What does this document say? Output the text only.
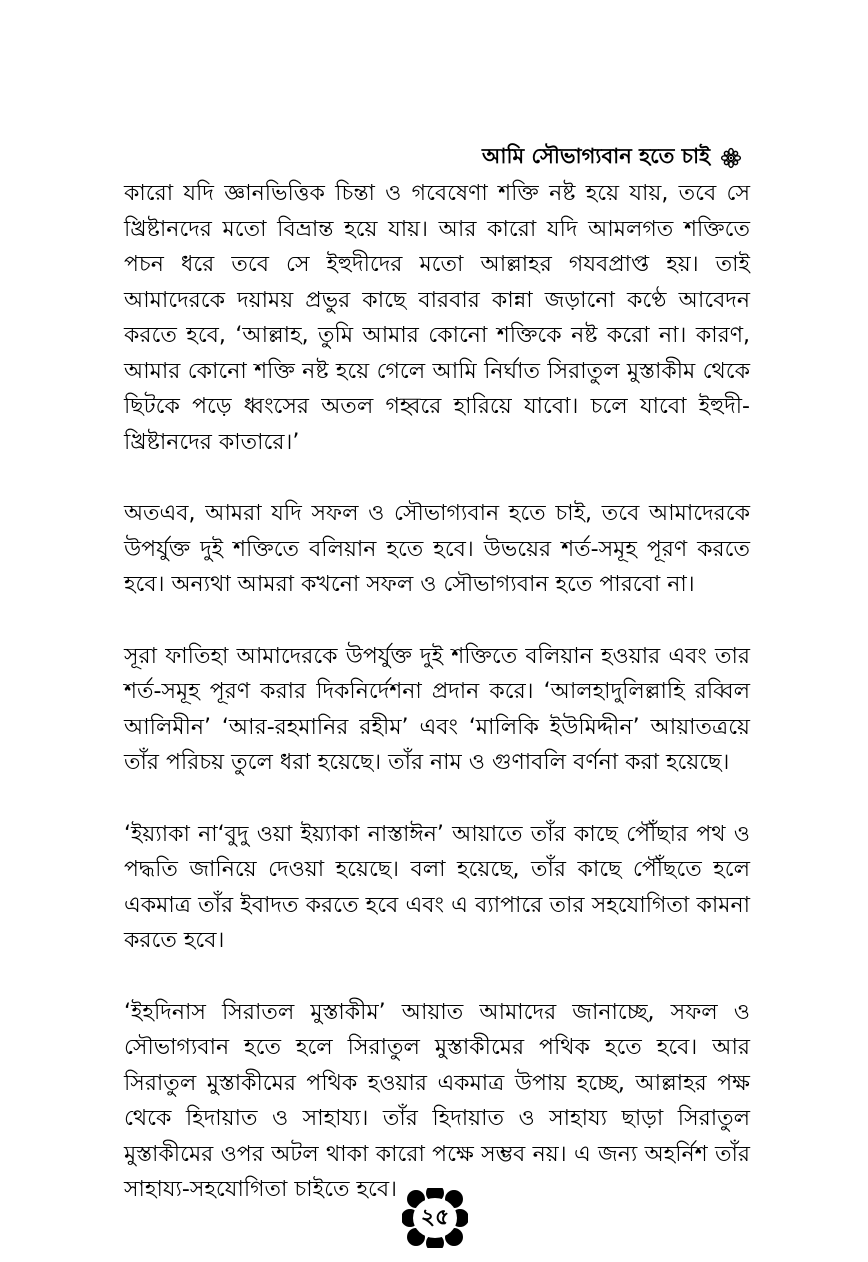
আমি সৌভাগ্যবান হতে চাই

কারো যদি জ্ঞানভিত্তিক চিন্তা ও গবেষেণা শক্তি নষ্ট হয়ে যায়, তবে সে খ্রিষ্টানদের মতো বিভ্রান্ত হয়ে যায়। আর কারো যদি আমলগত শক্তিতে পচন ধরে তবে সে ইহুদীদের মতো আল্লাহর গযবপ্রাপ্ত হয়। তাই আমাদেরকে দয়াময় প্রভুর কাছে বারবার কান্না জড়ানো কণ্ঠে আবেদন করতে হবে, ‘আল্লাহ, তুমি আমার কোনো শক্তিকে নষ্ট করো না। কারণ, আমার কোনো শক্তি নষ্ট হয়ে গেলে আমি নির্ঘাত সিরাতুল মুস্তাকীম থেকে ছিটকে পড়ে ধ্বংসের অতল গহ্বরে হারিয়ে যাবো। চলে যাবো ইহুদী-খ্রিষ্টানদের কাতারে।’

অতএব, আমরা যদি সফল ও সৌভাগ্যবান হতে চাই, তবে আমাদেরকে উপর্যুক্ত দুই শক্তিতে বলিয়ান হতে হবে। উভয়ের শর্ত-সমূহ পূরণ করতে হবে। অন্যথা আমরা কখনো সফল ও সৌভাগ্যবান হতে পারবো না।

সূরা ফাতিহা আমাদেরকে উপর্যুক্ত দুই শক্তিতে বলিয়ান হওয়ার এবং তার শর্ত-সমূহ পূরণ করার দিকনির্দেশনা প্রদান করে। ‘আলহাদুলিল্লাহি রব্বিল আলিমীন’ ‘আর-রহমানির রহীম’ এবং ‘মালিকি ইউমিদ্দীন’ আয়াতত্রয়ে তাঁর পরিচয় তুলে ধরা হয়েছে। তাঁর নাম ও গুণাবলি বর্ণনা করা হয়েছে।

‘ইয়্যাকা না‘বুদু ওয়া ইয়্যাকা নাস্তাঈন’ আয়াতে তাঁর কাছে পৌঁছার পথ ও পদ্ধতি জানিয়ে দেওয়া হয়েছে। বলা হয়েছে, তাঁর কাছে পৌঁছতে হলে একমাত্র তাঁর ইবাদত করতে হবে এবং এ ব্যাপারে তার সহযোগিতা কামনা করতে হবে।

‘ইহদিনাস সিরাতল মুস্তাকীম’ আয়াত আমাদের জানাচ্ছে, সফল ও সৌভাগ্যবান হতে হলে সিরাতুল মুস্তাকীমের পথিক হতে হবে। আর সিরাতুল মুস্তাকীমের পথিক হওয়ার একমাত্র উপায় হচ্ছে, আল্লাহর পক্ষ থেকে হিদায়াত ও সাহায্য। তাঁর হিদায়াত ও সাহায্য ছাড়া সিরাতুল মুস্তাকীমের ওপর অটল থাকা কারো পক্ষে সম্ভব নয়। এ জন্য অহর্নিশ তাঁর সাহায্য-সহযোগিতা চাইতে হবে।

২৫
